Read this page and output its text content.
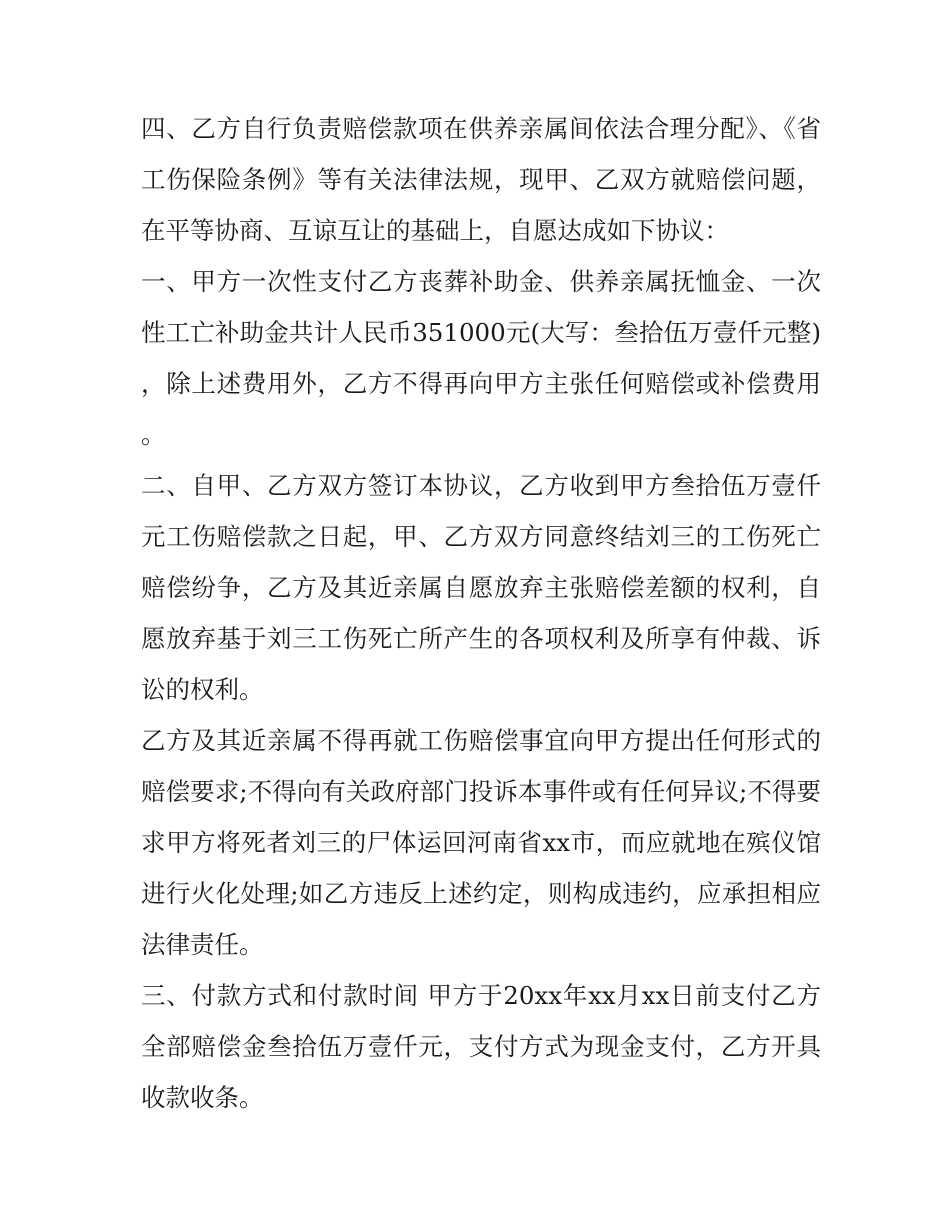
四、乙方自行负责赔偿款项在供养亲属间依法合理分配》、《省工伤保险条例》等有关法律法规，现甲、乙双方就赔偿问题，在平等协商、互谅互让的基础上，自愿达成如下协议：

一、甲方一次性支付乙方丧葬补助金、供养亲属抚恤金、一次性工亡补助金共计人民币351000元(大写：叁拾伍万壹仟元整)，除上述费用外，乙方不得再向甲方主张任何赔偿或补偿费用。

二、自甲、乙方双方签订本协议，乙方收到甲方叁拾伍万壹仟元工伤赔偿款之日起，甲、乙方双方同意终结刘三的工伤死亡赔偿纷争，乙方及其近亲属自愿放弃主张赔偿差额的权利，自愿放弃基于刘三工伤死亡所产生的各项权利及所享有仲裁、诉讼的权利。

乙方及其近亲属不得再就工伤赔偿事宜向甲方提出任何形式的赔偿要求;不得向有关政府部门投诉本事件或有任何异议;不得要求甲方将死者刘三的尸体运回河南省xx市，而应就地在殡仪馆进行火化处理;如乙方违反上述约定，则构成违约，应承担相应法律责任。

三、付款方式和付款时间 甲方于20xx年xx月xx日前支付乙方全部赔偿金叁拾伍万壹仟元，支付方式为现金支付，乙方开具收款收条。
